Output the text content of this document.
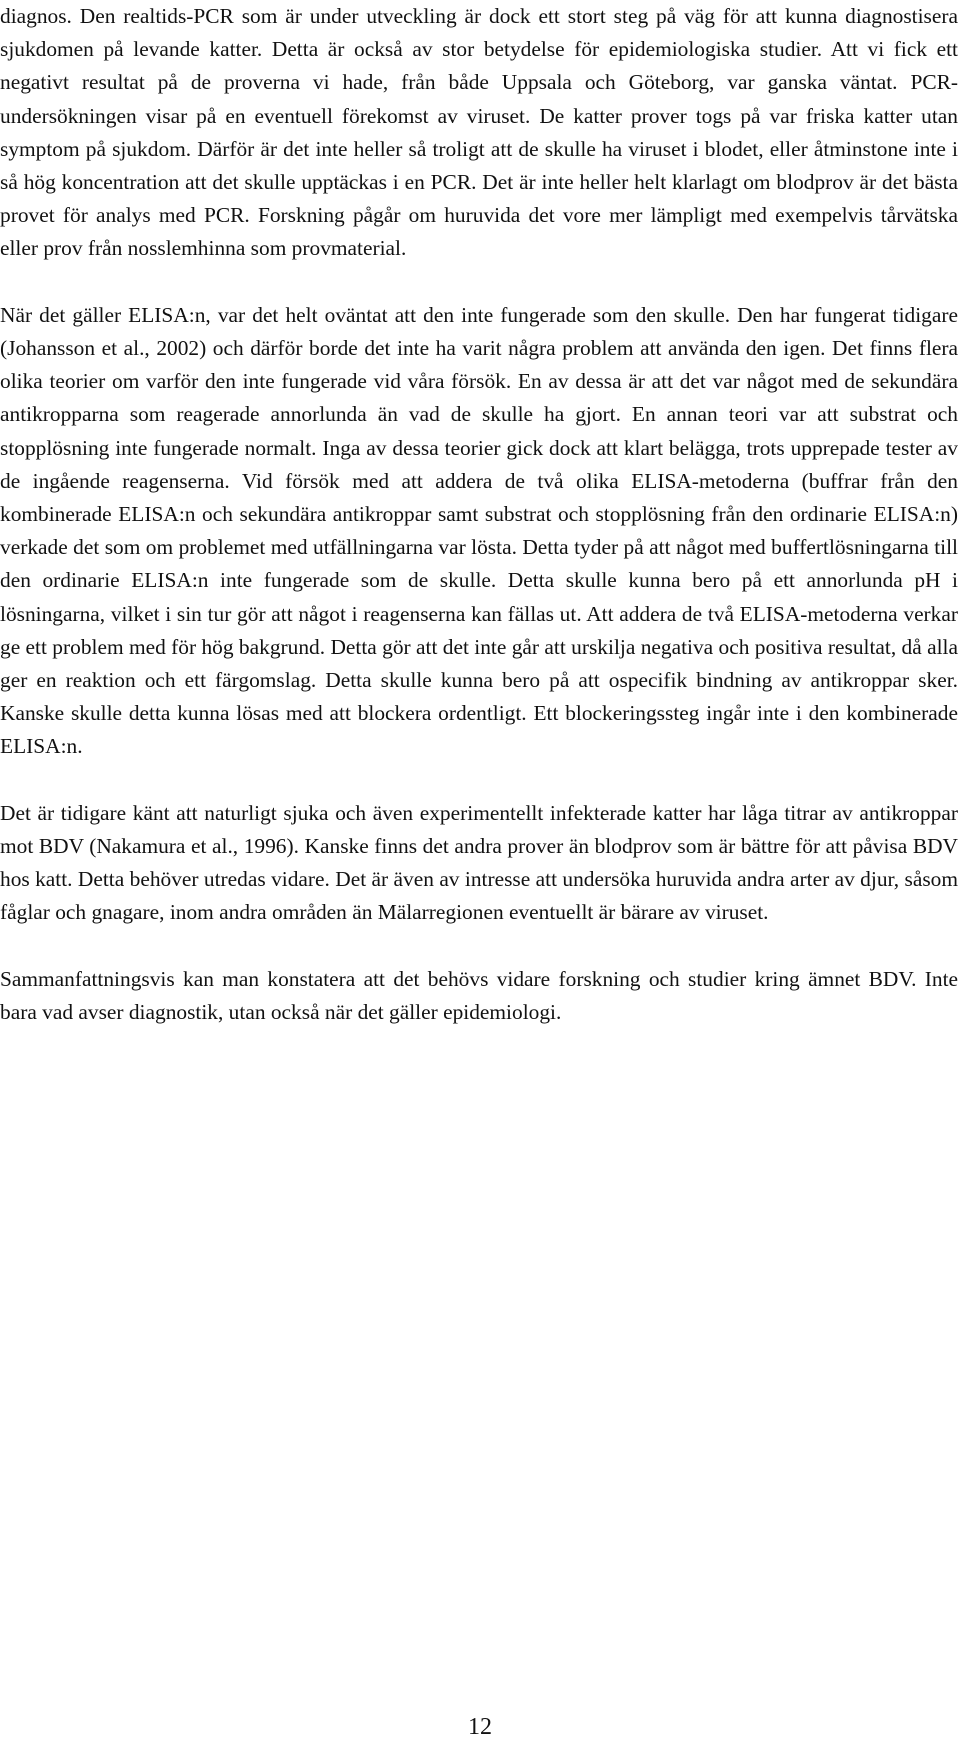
diagnos. Den realtids-PCR som är under utveckling är dock ett stort steg på väg för att kunna diagnostisera sjukdomen på levande katter. Detta är också av stor betydelse för epidemiologiska studier. Att vi fick ett negativt resultat på de proverna vi hade, från både Uppsala och Göteborg, var ganska väntat. PCR-undersökningen visar på en eventuell förekomst av viruset. De katter prover togs på var friska katter utan symptom på sjukdom. Därför är det inte heller så troligt att de skulle ha viruset i blodet, eller åtminstone inte i så hög koncentration att det skulle upptäckas i en PCR. Det är inte heller helt klarlagt om blodprov är det bästa provet för analys med PCR. Forskning pågår om huruvida det vore mer lämpligt med exempelvis tårvätska eller prov från nosslemhinna som provmaterial.

När det gäller ELISA:n, var det helt oväntat att den inte fungerade som den skulle. Den har fungerat tidigare (Johansson et al., 2002) och därför borde det inte ha varit några problem att använda den igen. Det finns flera olika teorier om varför den inte fungerade vid våra försök. En av dessa är att det var något med de sekundära antikropparna som reagerade annorlunda än vad de skulle ha gjort. En annan teori var att substrat och stopplösning inte fungerade normalt. Inga av dessa teorier gick dock att klart belägga, trots upprepade tester av de ingående reagenserna. Vid försök med att addera de två olika ELISA-metoderna (buffrar från den kombinerade ELISA:n och sekundära antikroppar samt substrat och stopplösning från den ordinarie ELISA:n) verkade det som om problemet med utfällningarna var lösta. Detta tyder på att något med buffertlösningarna till den ordinarie ELISA:n inte fungerade som de skulle. Detta skulle kunna bero på ett annorlunda pH i lösningarna, vilket i sin tur gör att något i reagenserna kan fällas ut. Att addera de två ELISA-metoderna verkar ge ett problem med för hög bakgrund. Detta gör att det inte går att urskilja negativa och positiva resultat, då alla ger en reaktion och ett färgomslag. Detta skulle kunna bero på att ospecifik bindning av antikroppar sker. Kanske skulle detta kunna lösas med att blockera ordentligt. Ett blockeringssteg ingår inte i den kombinerade ELISA:n.

Det är tidigare känt att naturligt sjuka och även experimentellt infekterade katter har låga titrar av antikroppar mot BDV (Nakamura et al., 1996). Kanske finns det andra prover än blodprov som är bättre för att påvisa BDV hos katt. Detta behöver utredas vidare. Det är även av intresse att undersöka huruvida andra arter av djur, såsom fåglar och gnagare, inom andra områden än Mälarregionen eventuellt är bärare av viruset.

Sammanfattningsvis kan man konstatera att det behövs vidare forskning och studier kring ämnet BDV. Inte bara vad avser diagnostik, utan också när det gäller epidemiologi.

12
